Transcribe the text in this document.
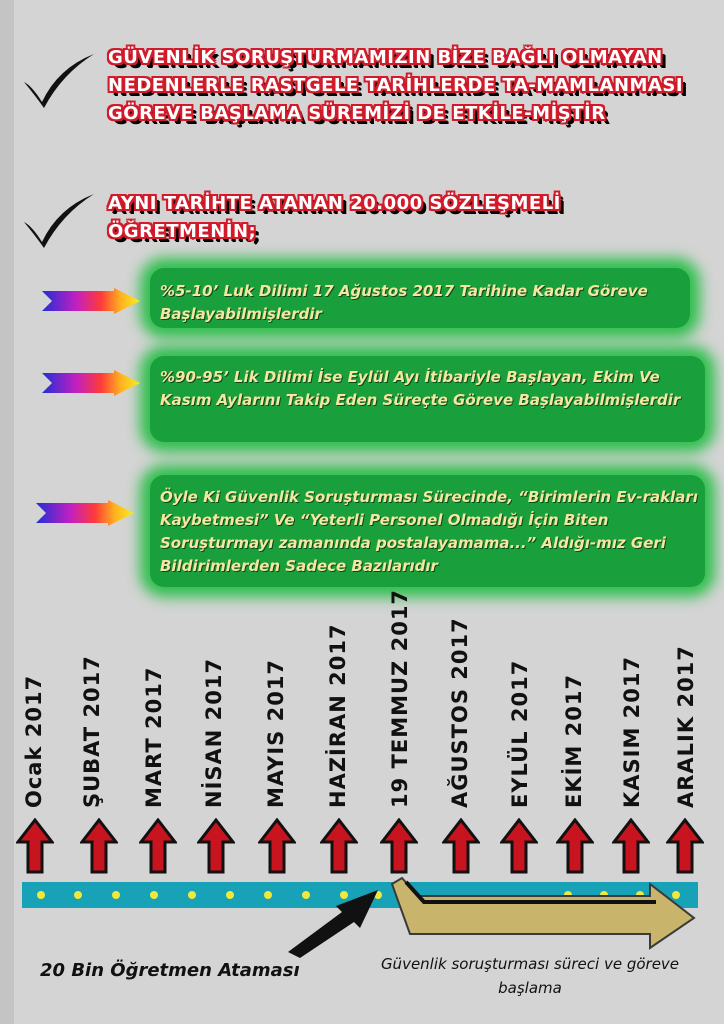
GÜVENLİK SORUŞTURMAMIZIN BİZE BAĞLI OLMAYAN NEDENLERLE RASTGELE TARİHLERDE TA-MAMLANMASI GÖREVE BAŞLAMA SÜREMİZİ DE ETKİLE-MİŞTİR
AYNI TARİHTE ATANAN 20.000 SÖZLEŞMELİ ÖĞRETMENİN;
%5-10’ Luk Dilimi 17 Ağustos 2017 Tarihine Kadar Göreve Başlayabilmişlerdir
%90-95’ Lik Dilimi İse Eylül Ayı İtibariyle Başlayan, Ekim Ve Kasım Aylarını Takip Eden Süreçte Göreve Başlayabilmişlerdir
Öyle Ki Güvenlik Soruşturması Sürecinde, “Birimlerin Ev-rakları Kaybetmesi” Ve “Yeterli Personel Olmadığı İçin Biten Soruşturmayı zamanında postalayamama...” Aldığı-mız Geri Bildirimlerden Sadece Bazılarıdır
Ocak 2017 ŞUBAT 2017 MART 2017 NİSAN 2017 MAYIS 2017 HAZİRAN 2017 19 TEMMUZ 2017 AĞUSTOS 2017 EYLÜL 2017 EKİM 2017 KASIM 2017 ARALIK 2017
20 Bin Öğretmen Ataması	Güvenlik soruşturması süreci ve göreve başlama
